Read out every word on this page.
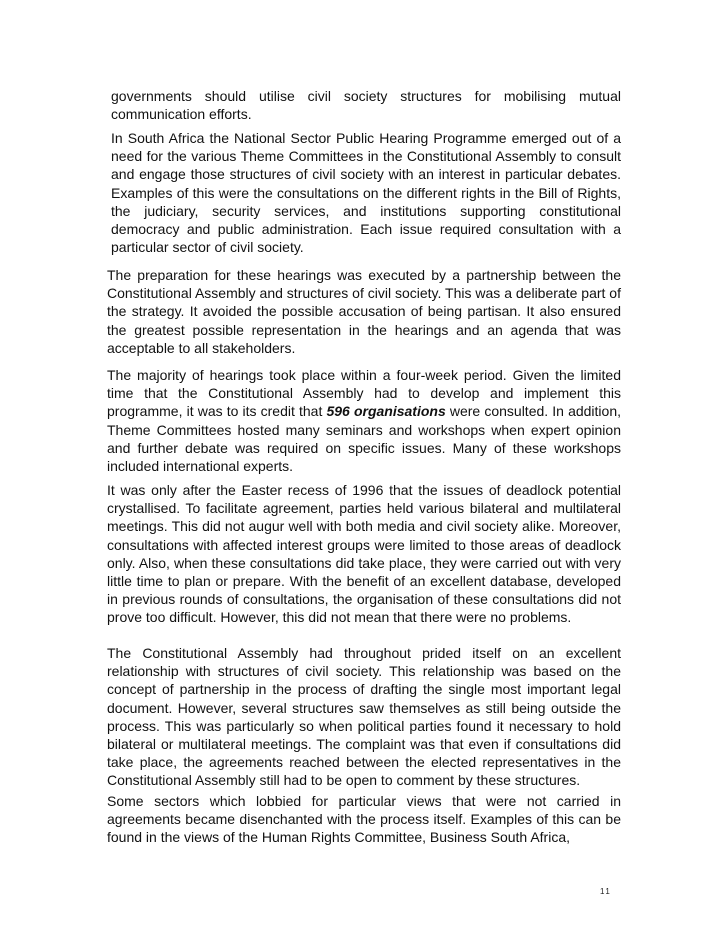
governments should utilise civil society structures for mobilising mutual communication efforts.

In South Africa the National Sector Public Hearing Programme emerged out of a need for the various Theme Committees in the Constitutional Assembly to consult and engage those structures of civil society with an interest in particular debates. Examples of this were the consultations on the different rights in the Bill of Rights, the judiciary, security services, and institutions supporting constitutional democracy and public administration. Each issue required consultation with a particular sector of civil society.

The preparation for these hearings was executed by a partnership between the Constitutional Assembly and structures of civil society. This was a deliberate part of the strategy. It avoided the possible accusation of being partisan. It also ensured the greatest possible representation in the hearings and an agenda that was acceptable to all stakeholders.

The majority of hearings took place within a four-week period. Given the limited time that the Constitutional Assembly had to develop and implement this programme, it was to its credit that 596 organisations were consulted. In addition, Theme Committees hosted many seminars and workshops when expert opinion and further debate was required on specific issues. Many of these workshops included international experts.

It was only after the Easter recess of 1996 that the issues of deadlock potential crystallised. To facilitate agreement, parties held various bilateral and multilateral meetings. This did not augur well with both media and civil society alike. Moreover, consultations with affected interest groups were limited to those areas of deadlock only. Also, when these consultations did take place, they were carried out with very little time to plan or prepare. With the benefit of an excellent database, developed in previous rounds of consultations, the organisation of these consultations did not prove too difficult. However, this did not mean that there were no problems.

The Constitutional Assembly had throughout prided itself on an excellent relationship with structures of civil society. This relationship was based on the concept of partnership in the process of drafting the single most important legal document. However, several structures saw themselves as still being outside the process. This was particularly so when political parties found it necessary to hold bilateral or multilateral meetings. The complaint was that even if consultations did take place, the agreements reached between the elected representatives in the Constitutional Assembly still had to be open to comment by these structures.

Some sectors which lobbied for particular views that were not carried in agreements became disenchanted with the process itself. Examples of this can be found in the views of the Human Rights Committee, Business South Africa,

11
